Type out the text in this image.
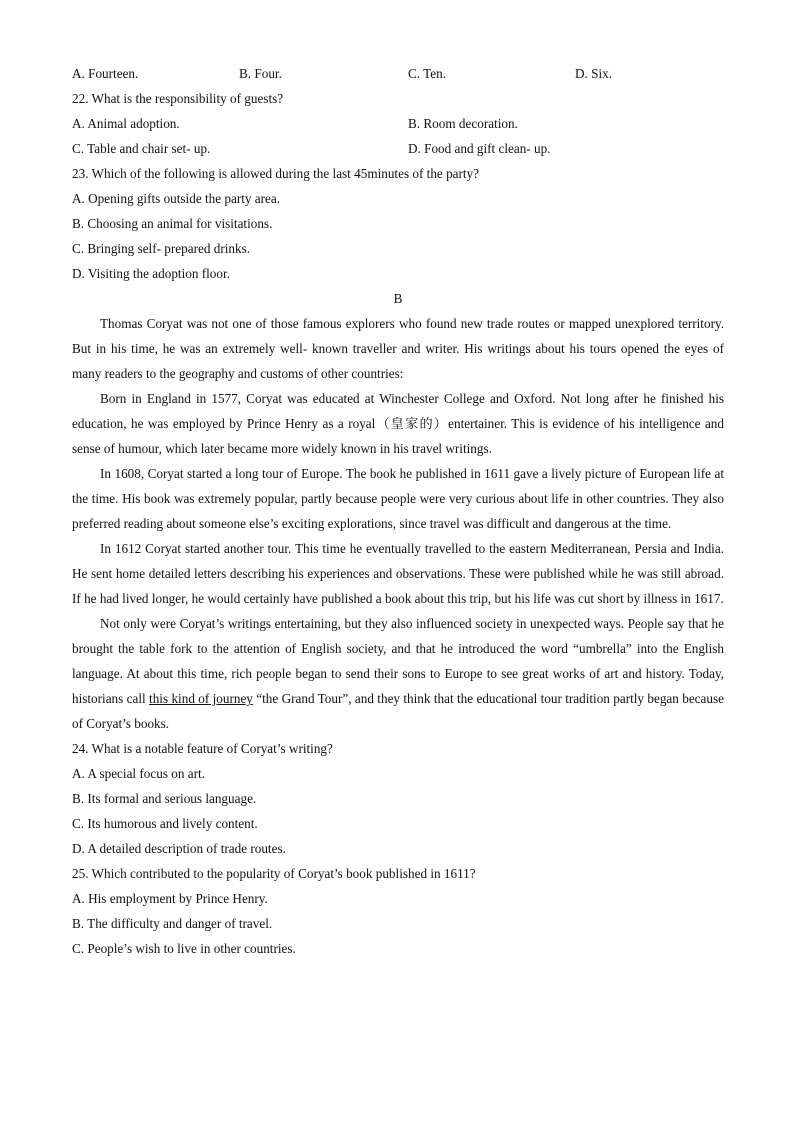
A. Fourteen.	B. Four.	C. Ten.	D. Six.
22. What is the responsibility of guests?
A. Animal adoption.	B. Room decoration.
C. Table and chair set- up.	D. Food and gift clean- up.
23. Which of the following is allowed during the last 45minutes of the party?
A. Opening gifts outside the party area.
B. Choosing an animal for visitations.
C. Bringing self- prepared drinks.
D. Visiting the adoption floor.
B

Thomas Coryat was not one of those famous explorers who found new trade routes or mapped unexplored territory. But in his time, he was an extremely well- known traveller and writer. His writings about his tours opened the eyes of many readers to the geography and customs of other countries:

Born in England in 1577, Coryat was educated at Winchester College and Oxford. Not long after he finished his education, he was employed by Prince Henry as a royal（皇家的）entertainer. This is evidence of his intelligence and sense of humour, which later became more widely known in his travel writings.

In 1608, Coryat started a long tour of Europe. The book he published in 1611 gave a lively picture of European life at the time. His book was extremely popular, partly because people were very curious about life in other countries. They also preferred reading about someone else’s exciting explorations, since travel was difficult and dangerous at the time.

In 1612 Coryat started another tour. This time he eventually travelled to the eastern Mediterranean, Persia and India. He sent home detailed letters describing his experiences and observations. These were published while he was still abroad. If he had lived longer, he would certainly have published a book about this trip, but his life was cut short by illness in 1617.

Not only were Coryat’s writings entertaining, but they also influenced society in unexpected ways. People say that he brought the table fork to the attention of English society, and that he introduced the word “umbrella” into the English language. At about this time, rich people began to send their sons to Europe to see great works of art and history. Today, historians call this kind of journey “the Grand Tour”, and they think that the educational tour tradition partly began because of Coryat’s books.

24. What is a notable feature of Coryat’s writing?
A. A special focus on art.
B. Its formal and serious language.
C. Its humorous and lively content.
D. A detailed description of trade routes.
25. Which contributed to the popularity of Coryat’s book published in 1611?
A. His employment by Prince Henry.
B. The difficulty and danger of travel.
C. People’s wish to live in other countries.
